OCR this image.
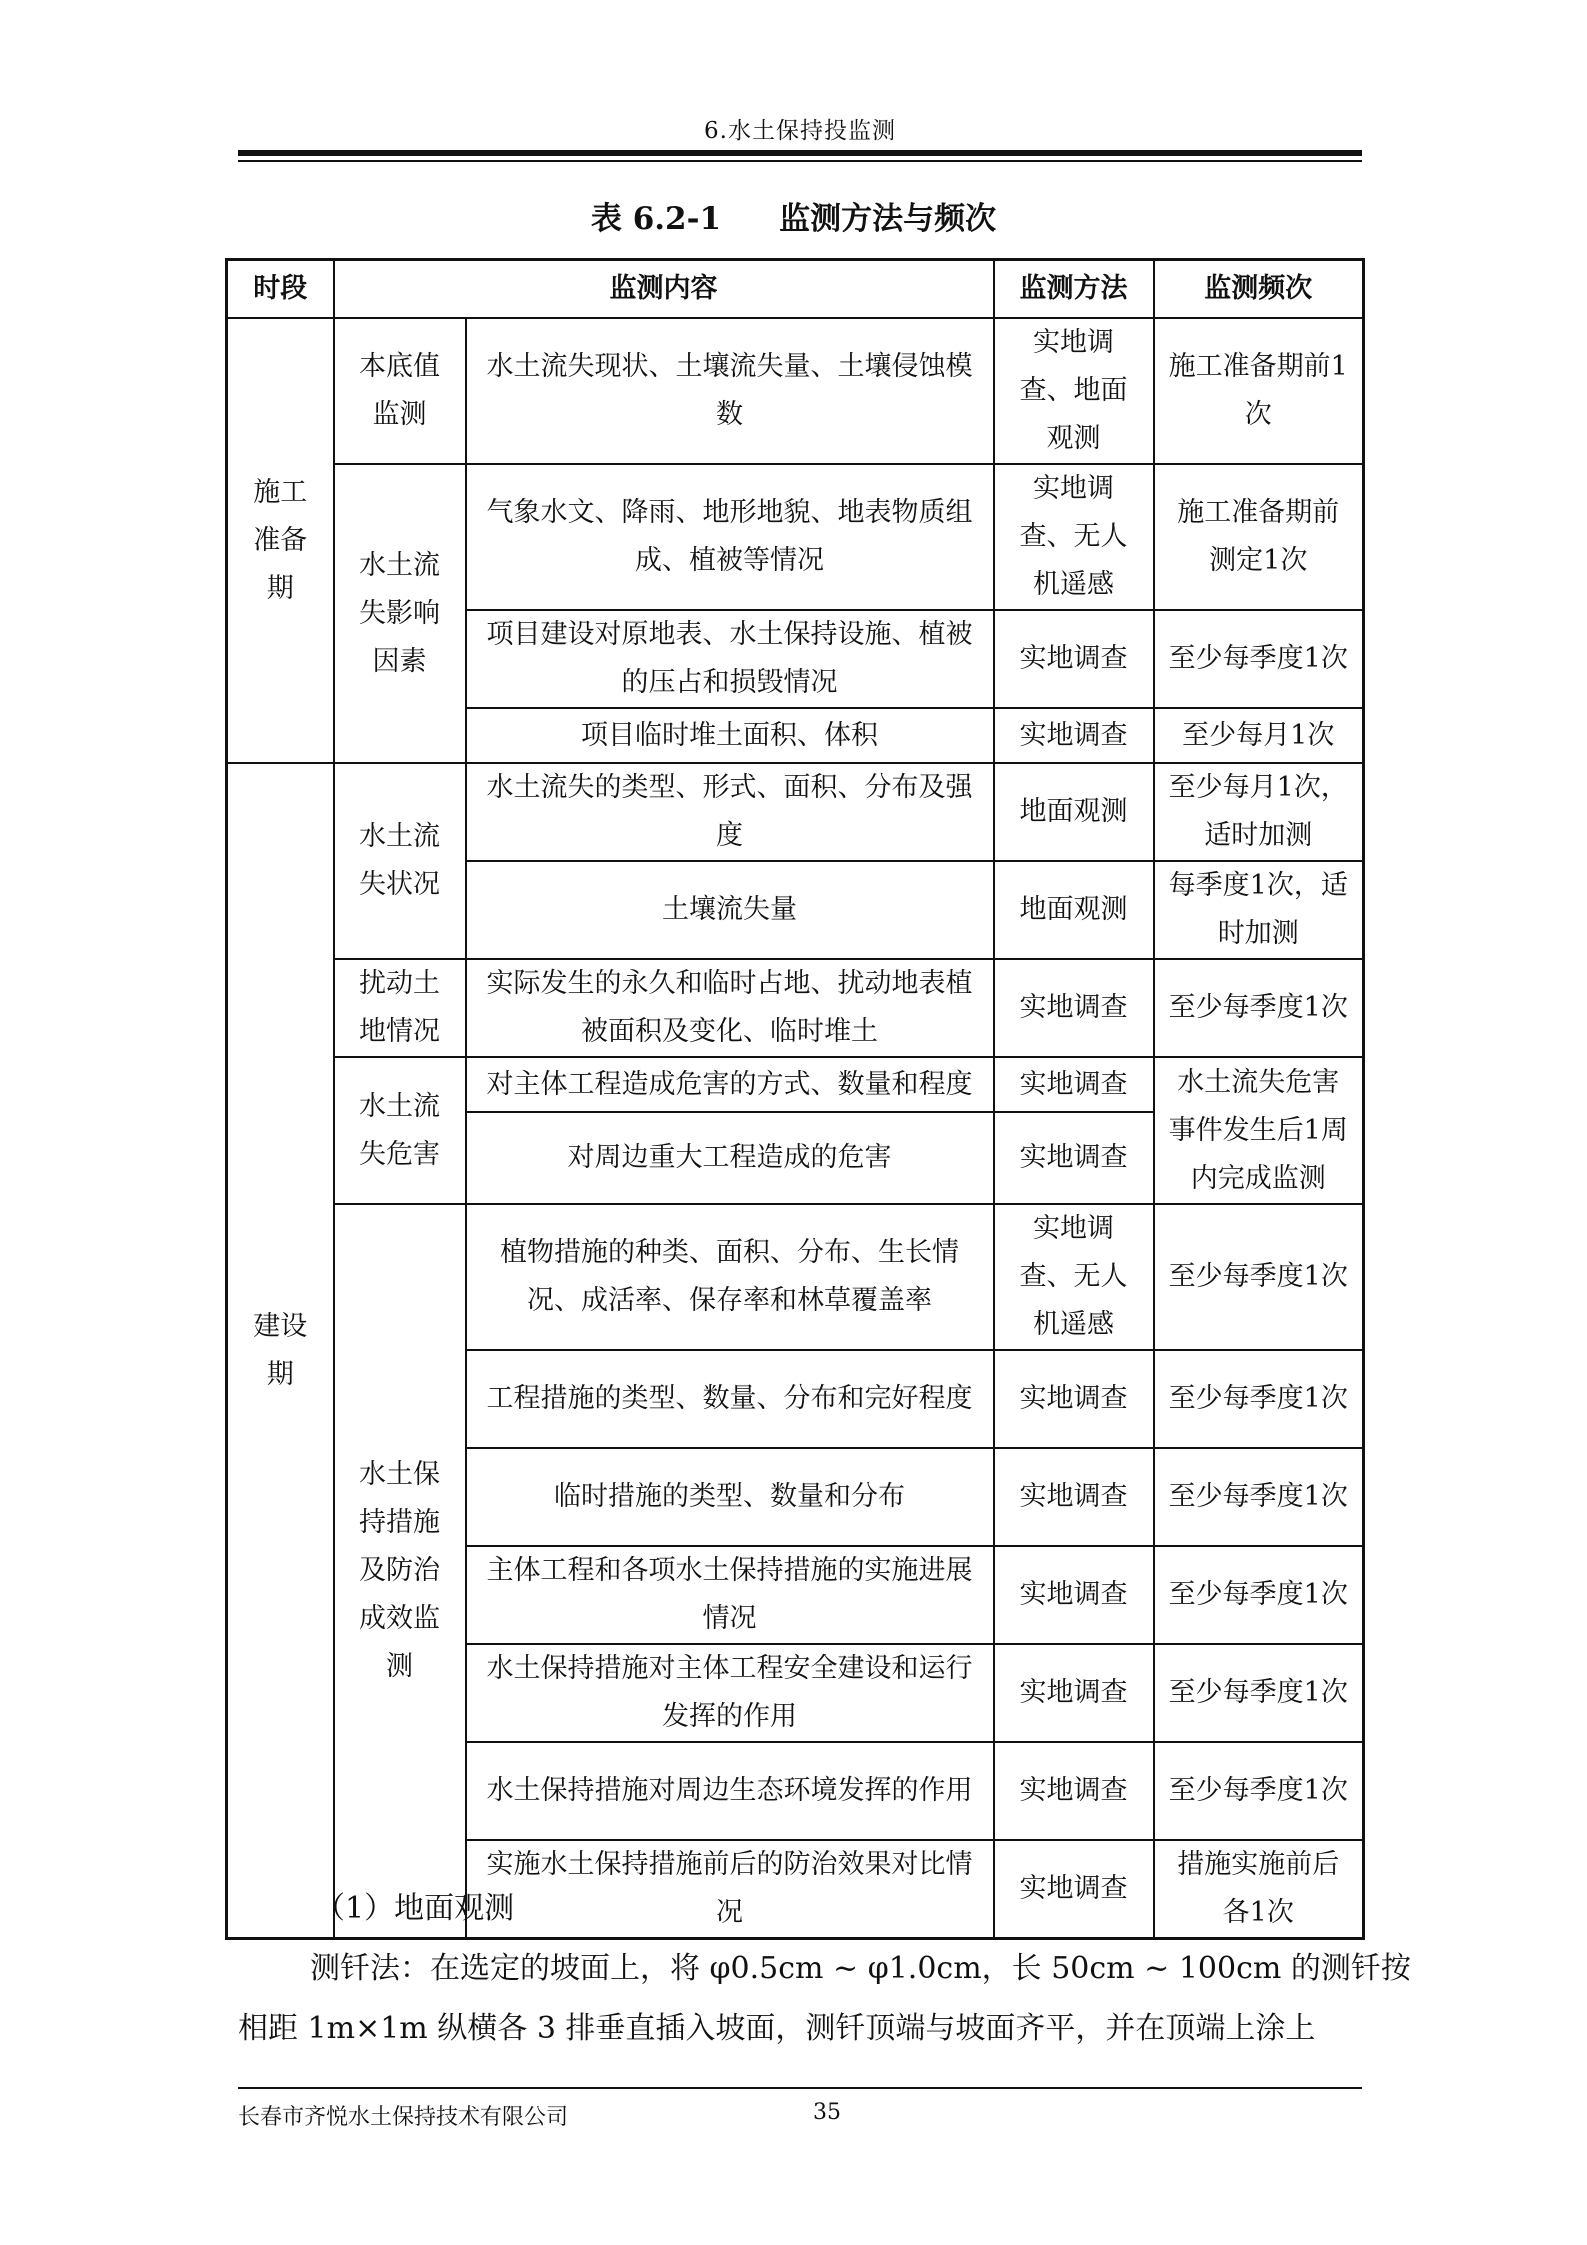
6.水土保持投监测
表 6.2-1 监测方法与频次
时段	监测内容		监测方法	监测频次
施工准备期	本底值监测	水土流失现状、土壤流失量、土壤侵蚀模数	实地调查、地面观测	施工准备期前1次
	水土流失影响因素	气象水文、降雨、地形地貌、地表物质组成、植被等情况	实地调查、无人机遥感	施工准备期前测定1次
		项目建设对原地表、水土保持设施、植被的压占和损毁情况	实地调查	至少每季度1次
		项目临时堆土面积、体积	实地调查	至少每月1次
建设期	水土流失状况	水土流失的类型、形式、面积、分布及强度	地面观测	至少每月1次，适时加测
		土壤流失量	地面观测	每季度1次，适时加测
	扰动土地情况	实际发生的永久和临时占地、扰动地表植被面积及变化、临时堆土	实地调查	至少每季度1次
	水土流失危害	对主体工程造成危害的方式、数量和程度	实地调查	水土流失危害事件发生后1周内完成监测
		对周边重大工程造成的危害	实地调查	
	水土保持措施及防治成效监测	植物措施的种类、面积、分布、生长情况、成活率、保存率和林草覆盖率	实地调查、无人机遥感	至少每季度1次
		工程措施的类型、数量、分布和完好程度	实地调查	至少每季度1次
		临时措施的类型、数量和分布	实地调查	至少每季度1次
		主体工程和各项水土保持措施的实施进展情况	实地调查	至少每季度1次
		水土保持措施对主体工程安全建设和运行发挥的作用	实地调查	至少每季度1次
		水土保持措施对周边生态环境发挥的作用	实地调查	至少每季度1次
		实施水土保持措施前后的防治效果对比情况	实地调查	措施实施前后各1次
（1）地面观测
测钎法：在选定的坡面上，将 φ0.5cm ~ φ1.0cm，长 50cm ~ 100cm 的测钎按
相距 1m×1m 纵横各 3 排垂直插入坡面，测钎顶端与坡面齐平，并在顶端上涂上
长春市齐悦水土保持技术有限公司	35
